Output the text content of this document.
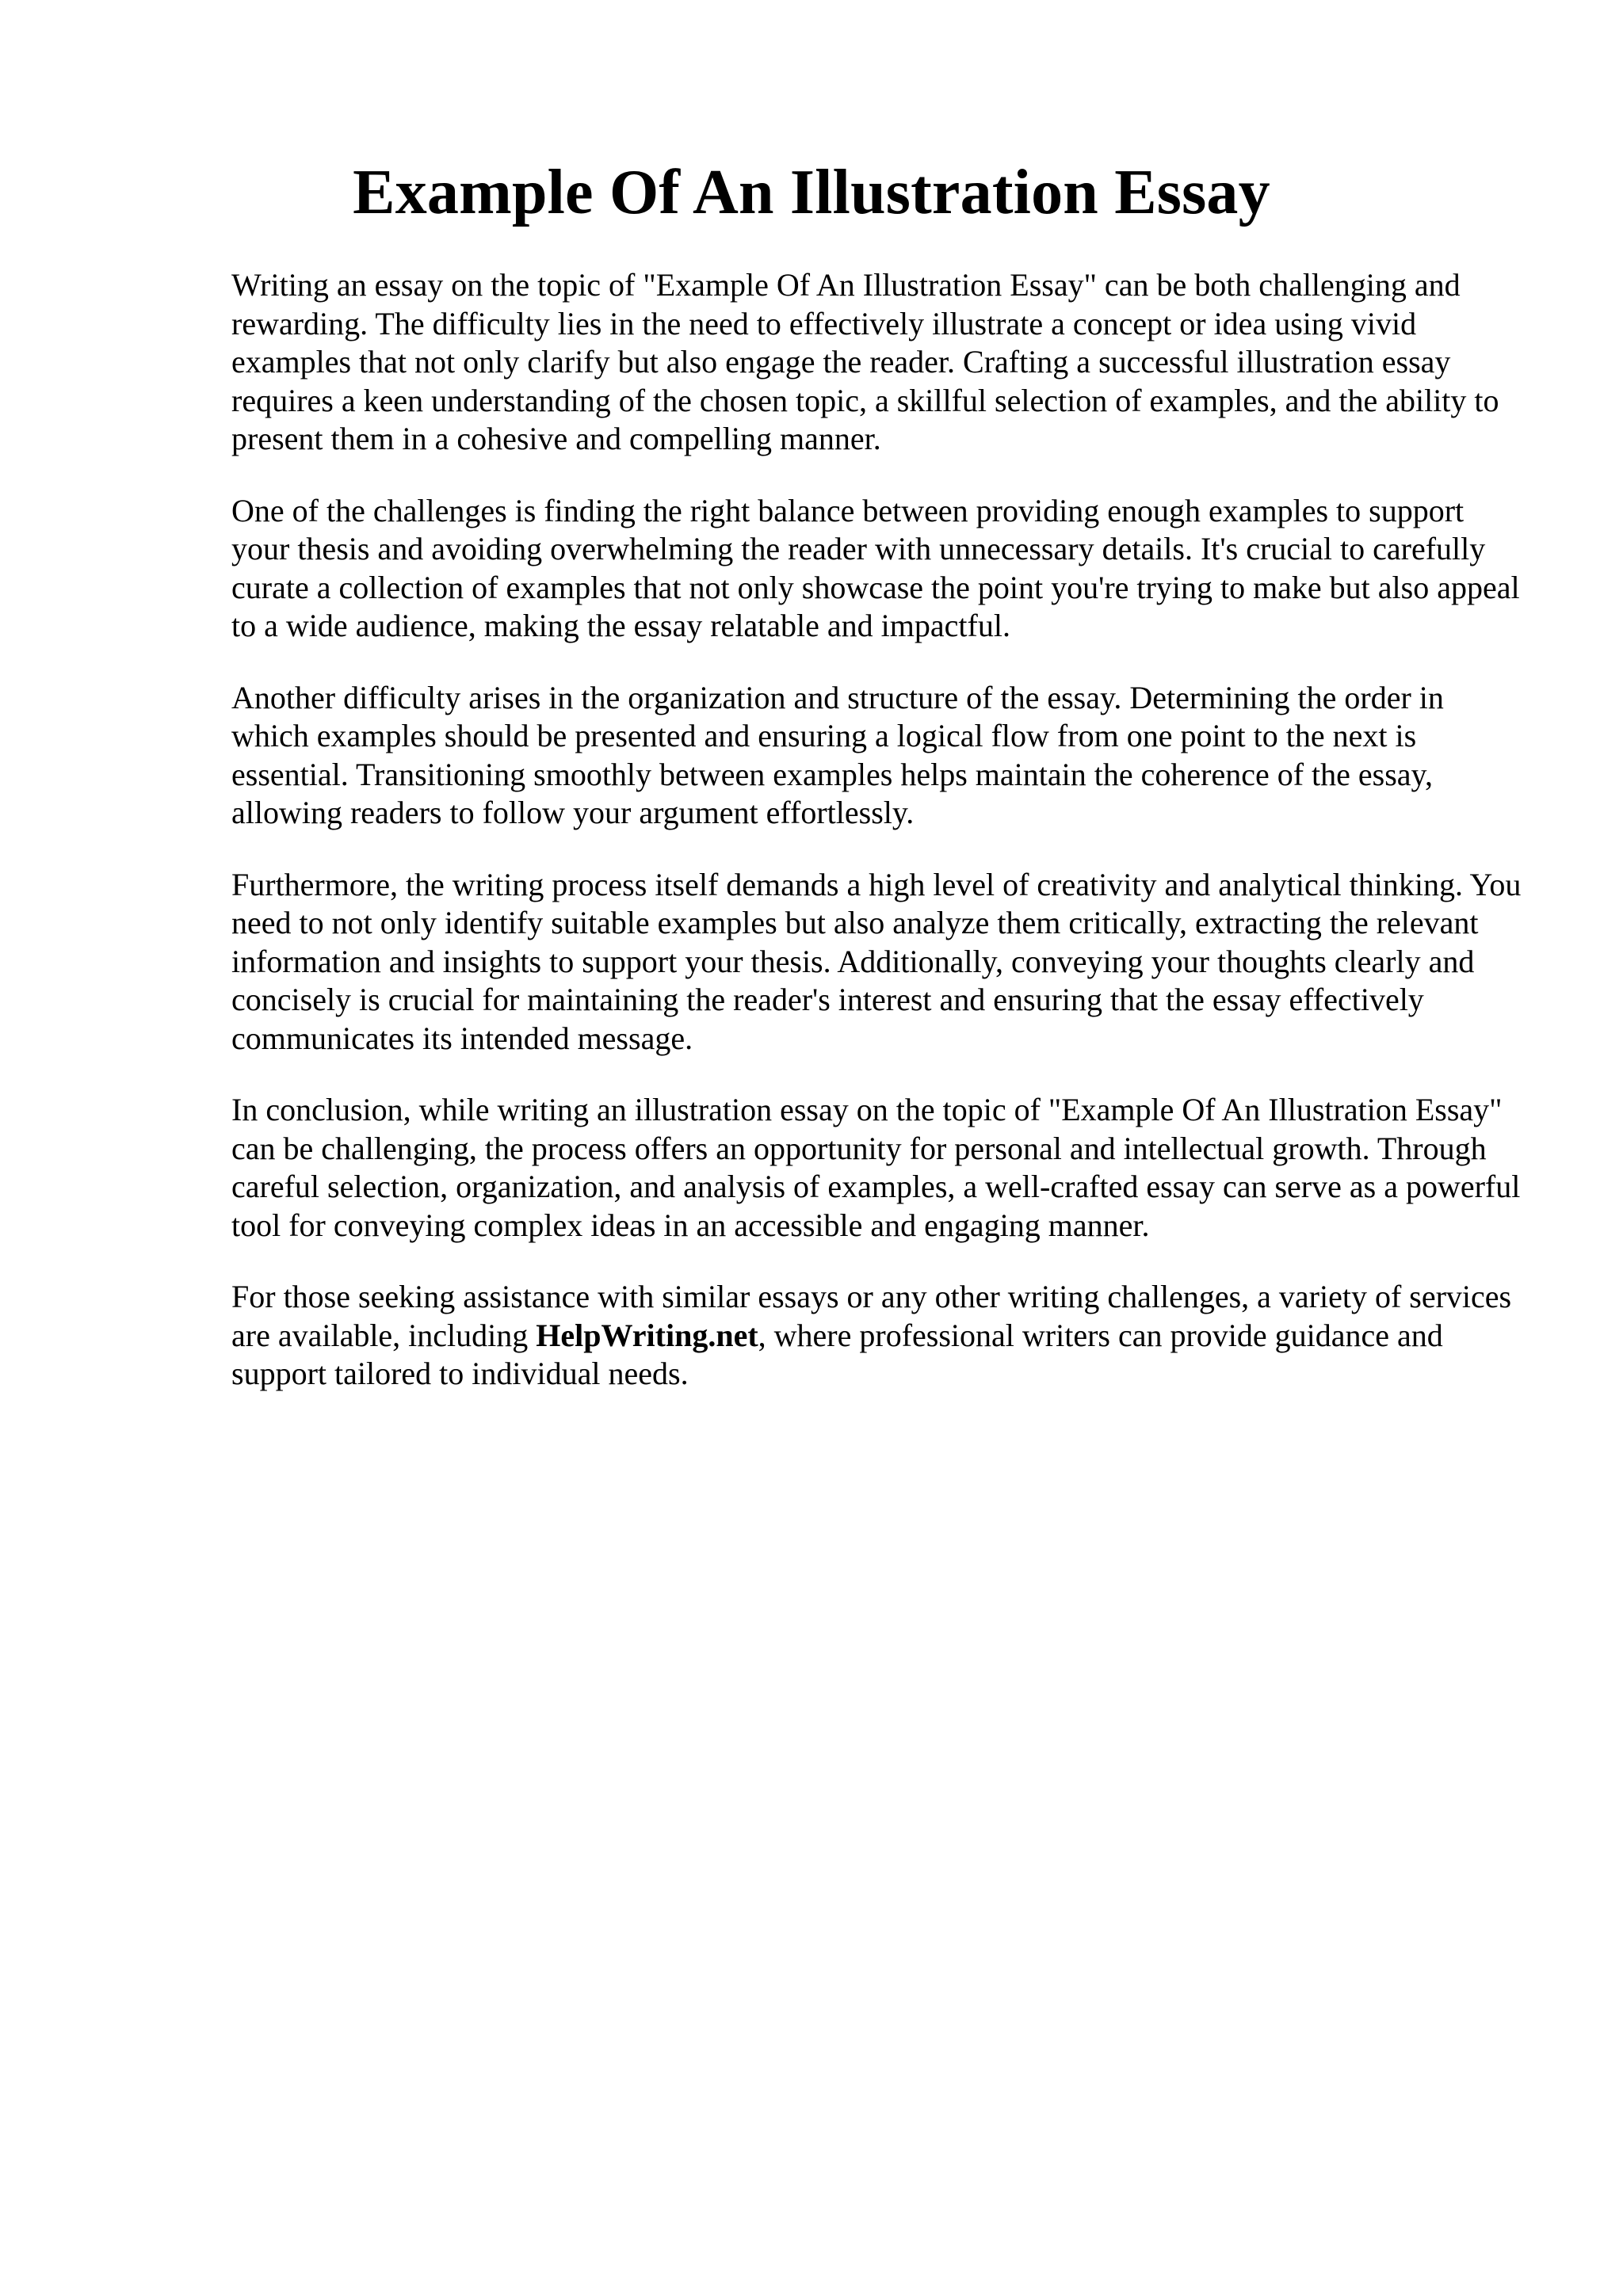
Example Of An Illustration Essay

Writing an essay on the topic of "Example Of An Illustration Essay" can be both challenging and rewarding. The difficulty lies in the need to effectively illustrate a concept or idea using vivid examples that not only clarify but also engage the reader. Crafting a successful illustration essay requires a keen understanding of the chosen topic, a skillful selection of examples, and the ability to present them in a cohesive and compelling manner.

One of the challenges is finding the right balance between providing enough examples to support your thesis and avoiding overwhelming the reader with unnecessary details. It's crucial to carefully curate a collection of examples that not only showcase the point you're trying to make but also appeal to a wide audience, making the essay relatable and impactful.

Another difficulty arises in the organization and structure of the essay. Determining the order in which examples should be presented and ensuring a logical flow from one point to the next is essential. Transitioning smoothly between examples helps maintain the coherence of the essay, allowing readers to follow your argument effortlessly.

Furthermore, the writing process itself demands a high level of creativity and analytical thinking. You need to not only identify suitable examples but also analyze them critically, extracting the relevant information and insights to support your thesis. Additionally, conveying your thoughts clearly and concisely is crucial for maintaining the reader's interest and ensuring that the essay effectively communicates its intended message.

In conclusion, while writing an illustration essay on the topic of "Example Of An Illustration Essay" can be challenging, the process offers an opportunity for personal and intellectual growth. Through careful selection, organization, and analysis of examples, a well-crafted essay can serve as a powerful tool for conveying complex ideas in an accessible and engaging manner.

For those seeking assistance with similar essays or any other writing challenges, a variety of services are available, including HelpWriting.net, where professional writers can provide guidance and support tailored to individual needs.
